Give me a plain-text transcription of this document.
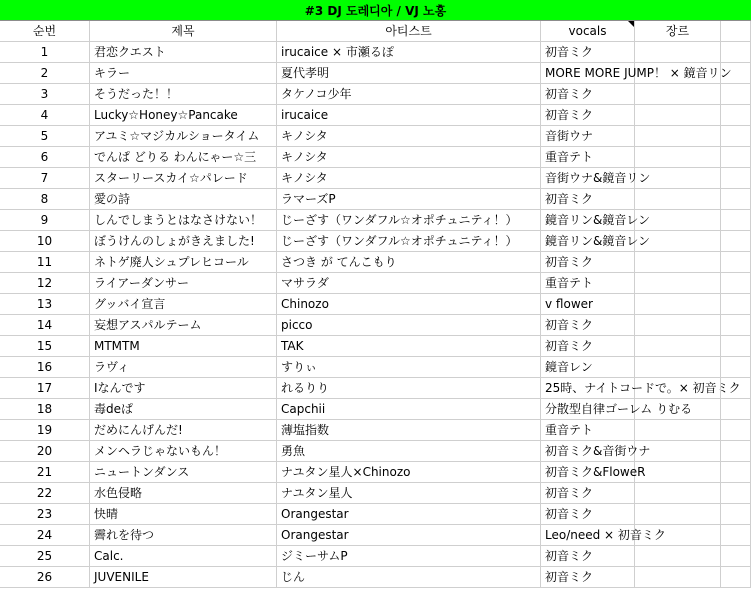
#3 DJ 도레디아 / VJ 노홍
순번	제목	아티스트	vocals	장르
1	君恋クエスト	irucaice × 市瀬るぽ	初音ミク
2	キラー	夏代孝明	MORE MORE JUMP！ × 鏡音リン
3	そうだった！！	タケノコ少年	初音ミク
4	Lucky☆Honey☆Pancake	irucaice	初音ミク
5	アユミ☆マジカルショータイム	キノシタ	音街ウナ
6	でんぱ どりる わんにゃー☆三	キノシタ	重音テト
7	スターリースカイ☆パレード	キノシタ	音街ウナ&鏡音リン
8	愛の詩	ラマーズP	初音ミク
9	しんでしまうとはなさけない！	じーざす（ワンダフル☆オポチュニティ！）	鏡音リン&鏡音レン
10	ぼうけんのしょがきえました!	じーざす（ワンダフル☆オポチュニティ！）	鏡音リン&鏡音レン
11	ネトゲ廃人シュプレヒコール	さつき が てんこもり	初音ミク
12	ライアーダンサー	マサラダ	重音テト
13	グッバイ宣言	Chinozo	v flower
14	妄想アスパルテーム	picco	初音ミク
15	MTMTM	TAK	初音ミク
16	ラヴィ	すりぃ	鏡音レン
17	Iなんです	れるりり	25時、ナイトコードで。× 初音ミク
18	毒deぱ	Capchii	分散型自律ゴーレム りむる
19	だめにんげんだ!	薄塩指数	重音テト
20	メンヘラじゃないもん！	勇魚	初音ミク&音街ウナ
21	ニュートンダンス	ナユタン星人×Chinozo	初音ミク&FloweR
22	水色侵略	ナユタン星人	初音ミク
23	快晴	Orangestar	初音ミク
24	霽れを待つ	Orangestar	Leo/need × 初音ミク
25	Calc.	ジミーサムP	初音ミク
26	JUVENILE	じん	初音ミク
